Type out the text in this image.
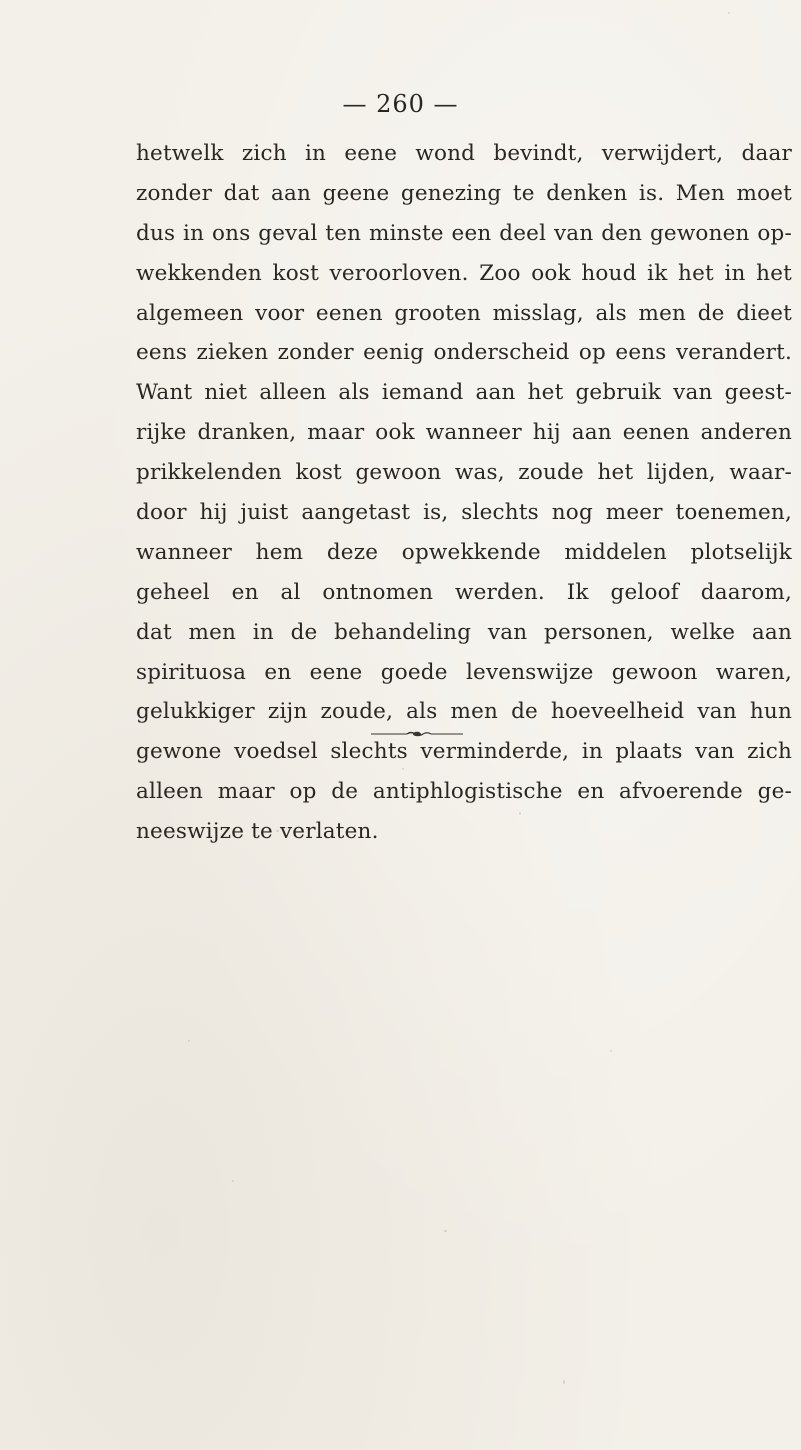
— 260 —
hetwelk zich in eene wond bevindt, verwijdert, daar
zonder dat aan geene genezing te denken is. Men moet
dus in ons geval ten minste een deel van den gewonen op-
wekkenden kost veroorloven. Zoo ook houd ik het in het
algemeen voor eenen grooten misslag, als men de dieet
eens zieken zonder eenig onderscheid op eens verandert.
Want niet alleen als iemand aan het gebruik van geest-
rijke dranken, maar ook wanneer hij aan eenen anderen
prikkelenden kost gewoon was, zoude het lijden, waar-
door hij juist aangetast is, slechts nog meer toenemen,
wanneer hem deze opwekkende middelen plotselijk
geheel en al ontnomen werden. Ik geloof daarom,
dat men in de behandeling van personen, welke aan
spirituosa en eene goede levenswijze gewoon waren,
gelukkiger zijn zoude, als men de hoeveelheid van hun
gewone voedsel slechts verminderde, in plaats van zich
alleen maar op de antiphlogistische en afvoerende ge-
neeswijze te verlaten.
